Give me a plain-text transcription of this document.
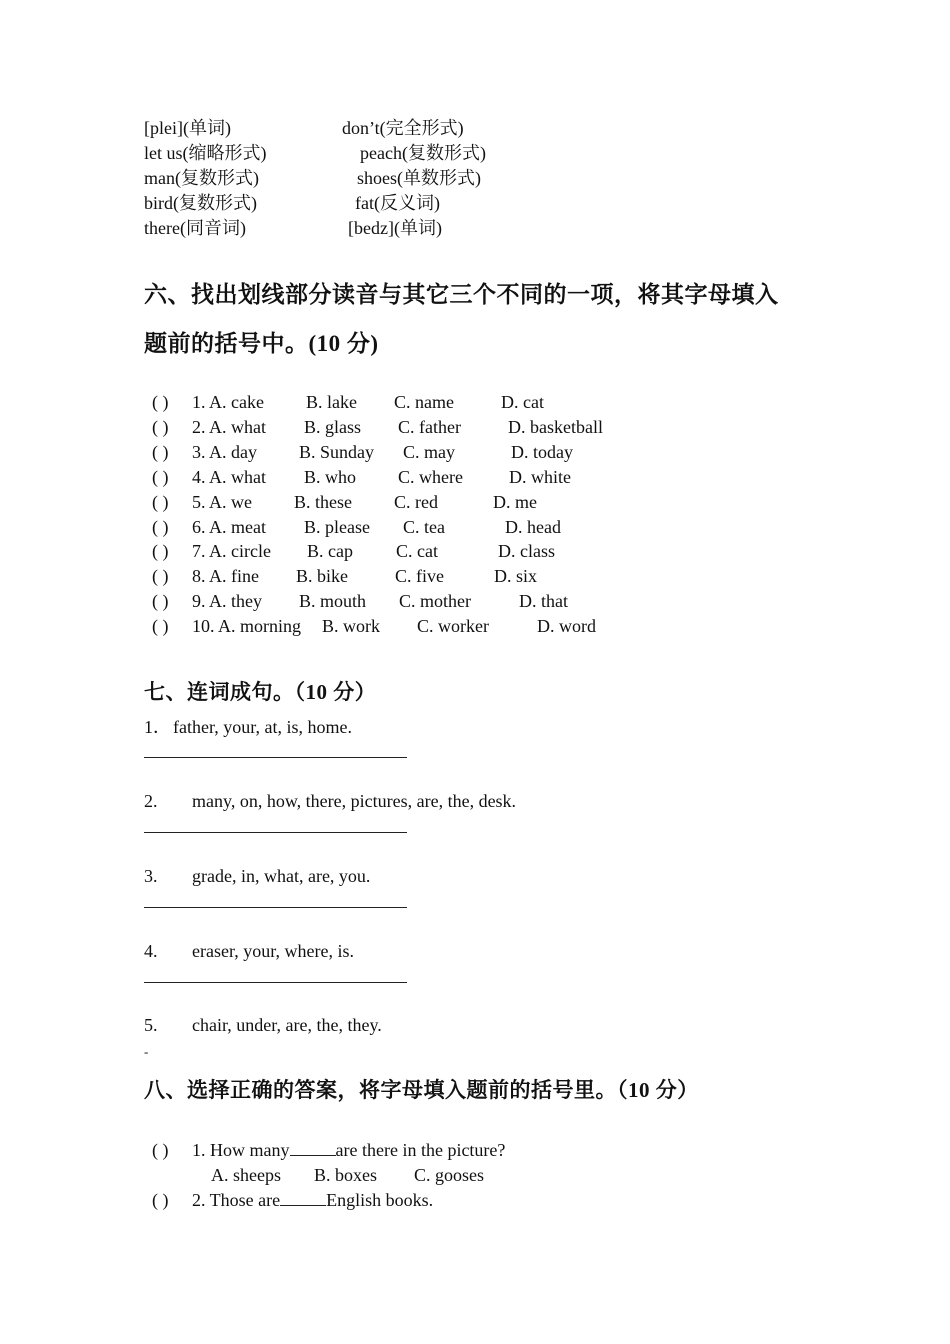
[plei](单词)	don’t(完全形式)
let us(缩略形式)	peach(复数形式)
man(复数形式)	shoes(单数形式)
bird(复数形式)	fat(反义词)
there(同音词)	[bedz](单词)
六、找出划线部分读音与其它三个不同的一项，将其字母填入
题前的括号中。(10 分)
( ) 1. A. cake B. lake C. name	D. cat
( ) 2. A. what B. glass C. father	D. basketball
( ) 3. A. day B. Sunday C. may	D. today
( ) 4. A. what B. who C. where	D. white
( ) 5. A. we B. these C. red	D. me
( ) 6. A. meat B. please C. tea	D. head
( ) 7. A. circle B. cap C. cat	D. class
( ) 8. A. fine B. bike	C. five	D. six
( ) 9. A. they B. mouth C. mother	D. that
( ) 10. A. morning B. work C. worker	D. word
七、连词成句。（10 分）
1． father, your, at, is, home.
2. many, on, how, there, pictures, are, the, desk.
3. grade, in, what, are, you.
4. eraser, your, where, is.
5. chair, under, are, the, they.
-
八、选择正确的答案，将字母填入题前的括号里。（10 分）
( ) 1. How many	are there in the picture?
A. sheeps B. boxes C. gooses
( ) 2. Those are	English books.
